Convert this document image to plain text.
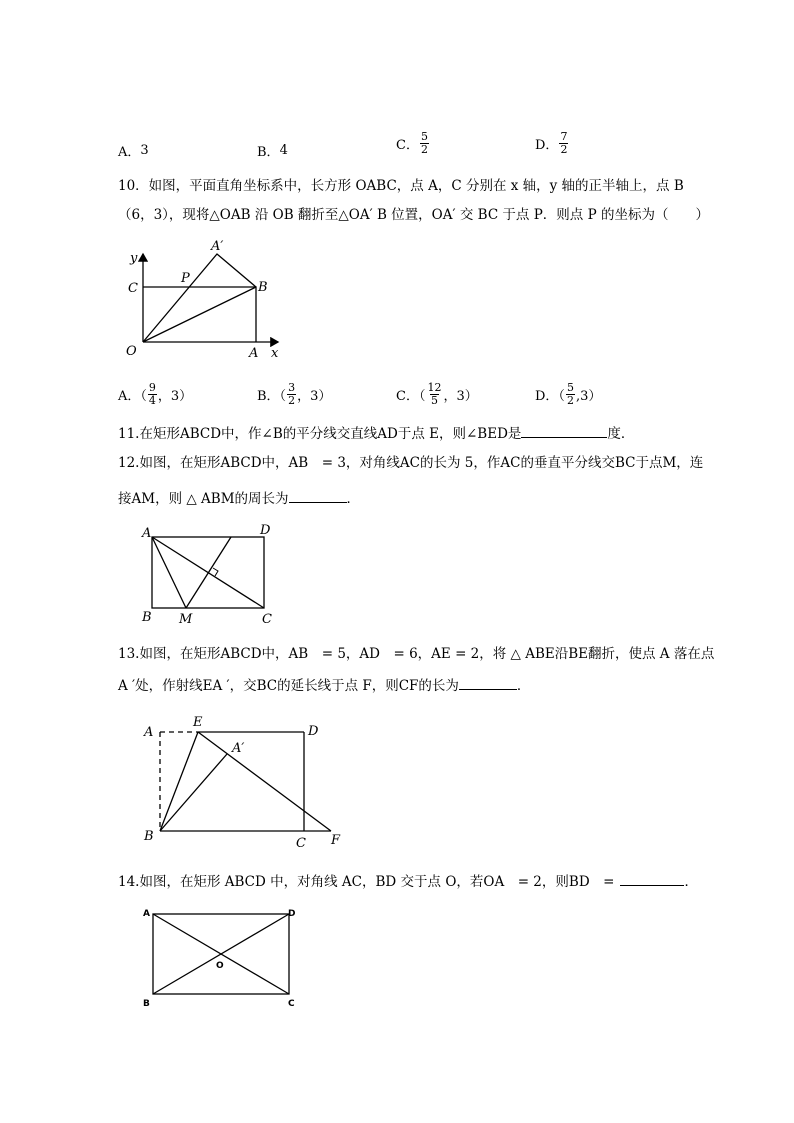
A． 3	B． 4	C． $\frac{5}{2}$	D． $\frac{7}{2}$
10．如图，平面直角坐标系中，长方形 OABC，点 A，C 分别在 x 轴，y 轴的正半轴上，点 B
（6，3），现将△OAB 沿 OB 翻折至△OA′ B 位置，OA′ 交 BC 于点 P．则点 P 的坐标为（　　）
y
C
P
A′
B
O	A x
A．（ $\frac{9}{4}$ ，3）	B．（ $\frac{3}{2}$ ，3）	C．（ $\frac{12}{5}$ ，3）	D．（ $\frac{5}{2} ,3$）
11.在矩形ABCD中，作∠B的平分线交直线AD于点 E，则∠BED是	度．
12.如图，在矩形ABCD中，AB　= 3，对角线AC的长为 5，作AC的垂直平分线交BC于点M，连
接AM，则 △ ABM的周长为	．
A	D
B M	C
13.如图，在矩形ABCD中，AB　= 5，AD　= 6，AE = 2，将 △ ABE沿BE翻折，使点 A 落在点
A ′处，作射线EA ′，交BC的延长线于点 F，则CF的长为	．
A
E
A′
D
B	C F
14.如图，在矩形 ABCD 中，对角线 AC，BD 交于点 O，若OA　= 2，则BD　=	．
A	D
O
B	C
